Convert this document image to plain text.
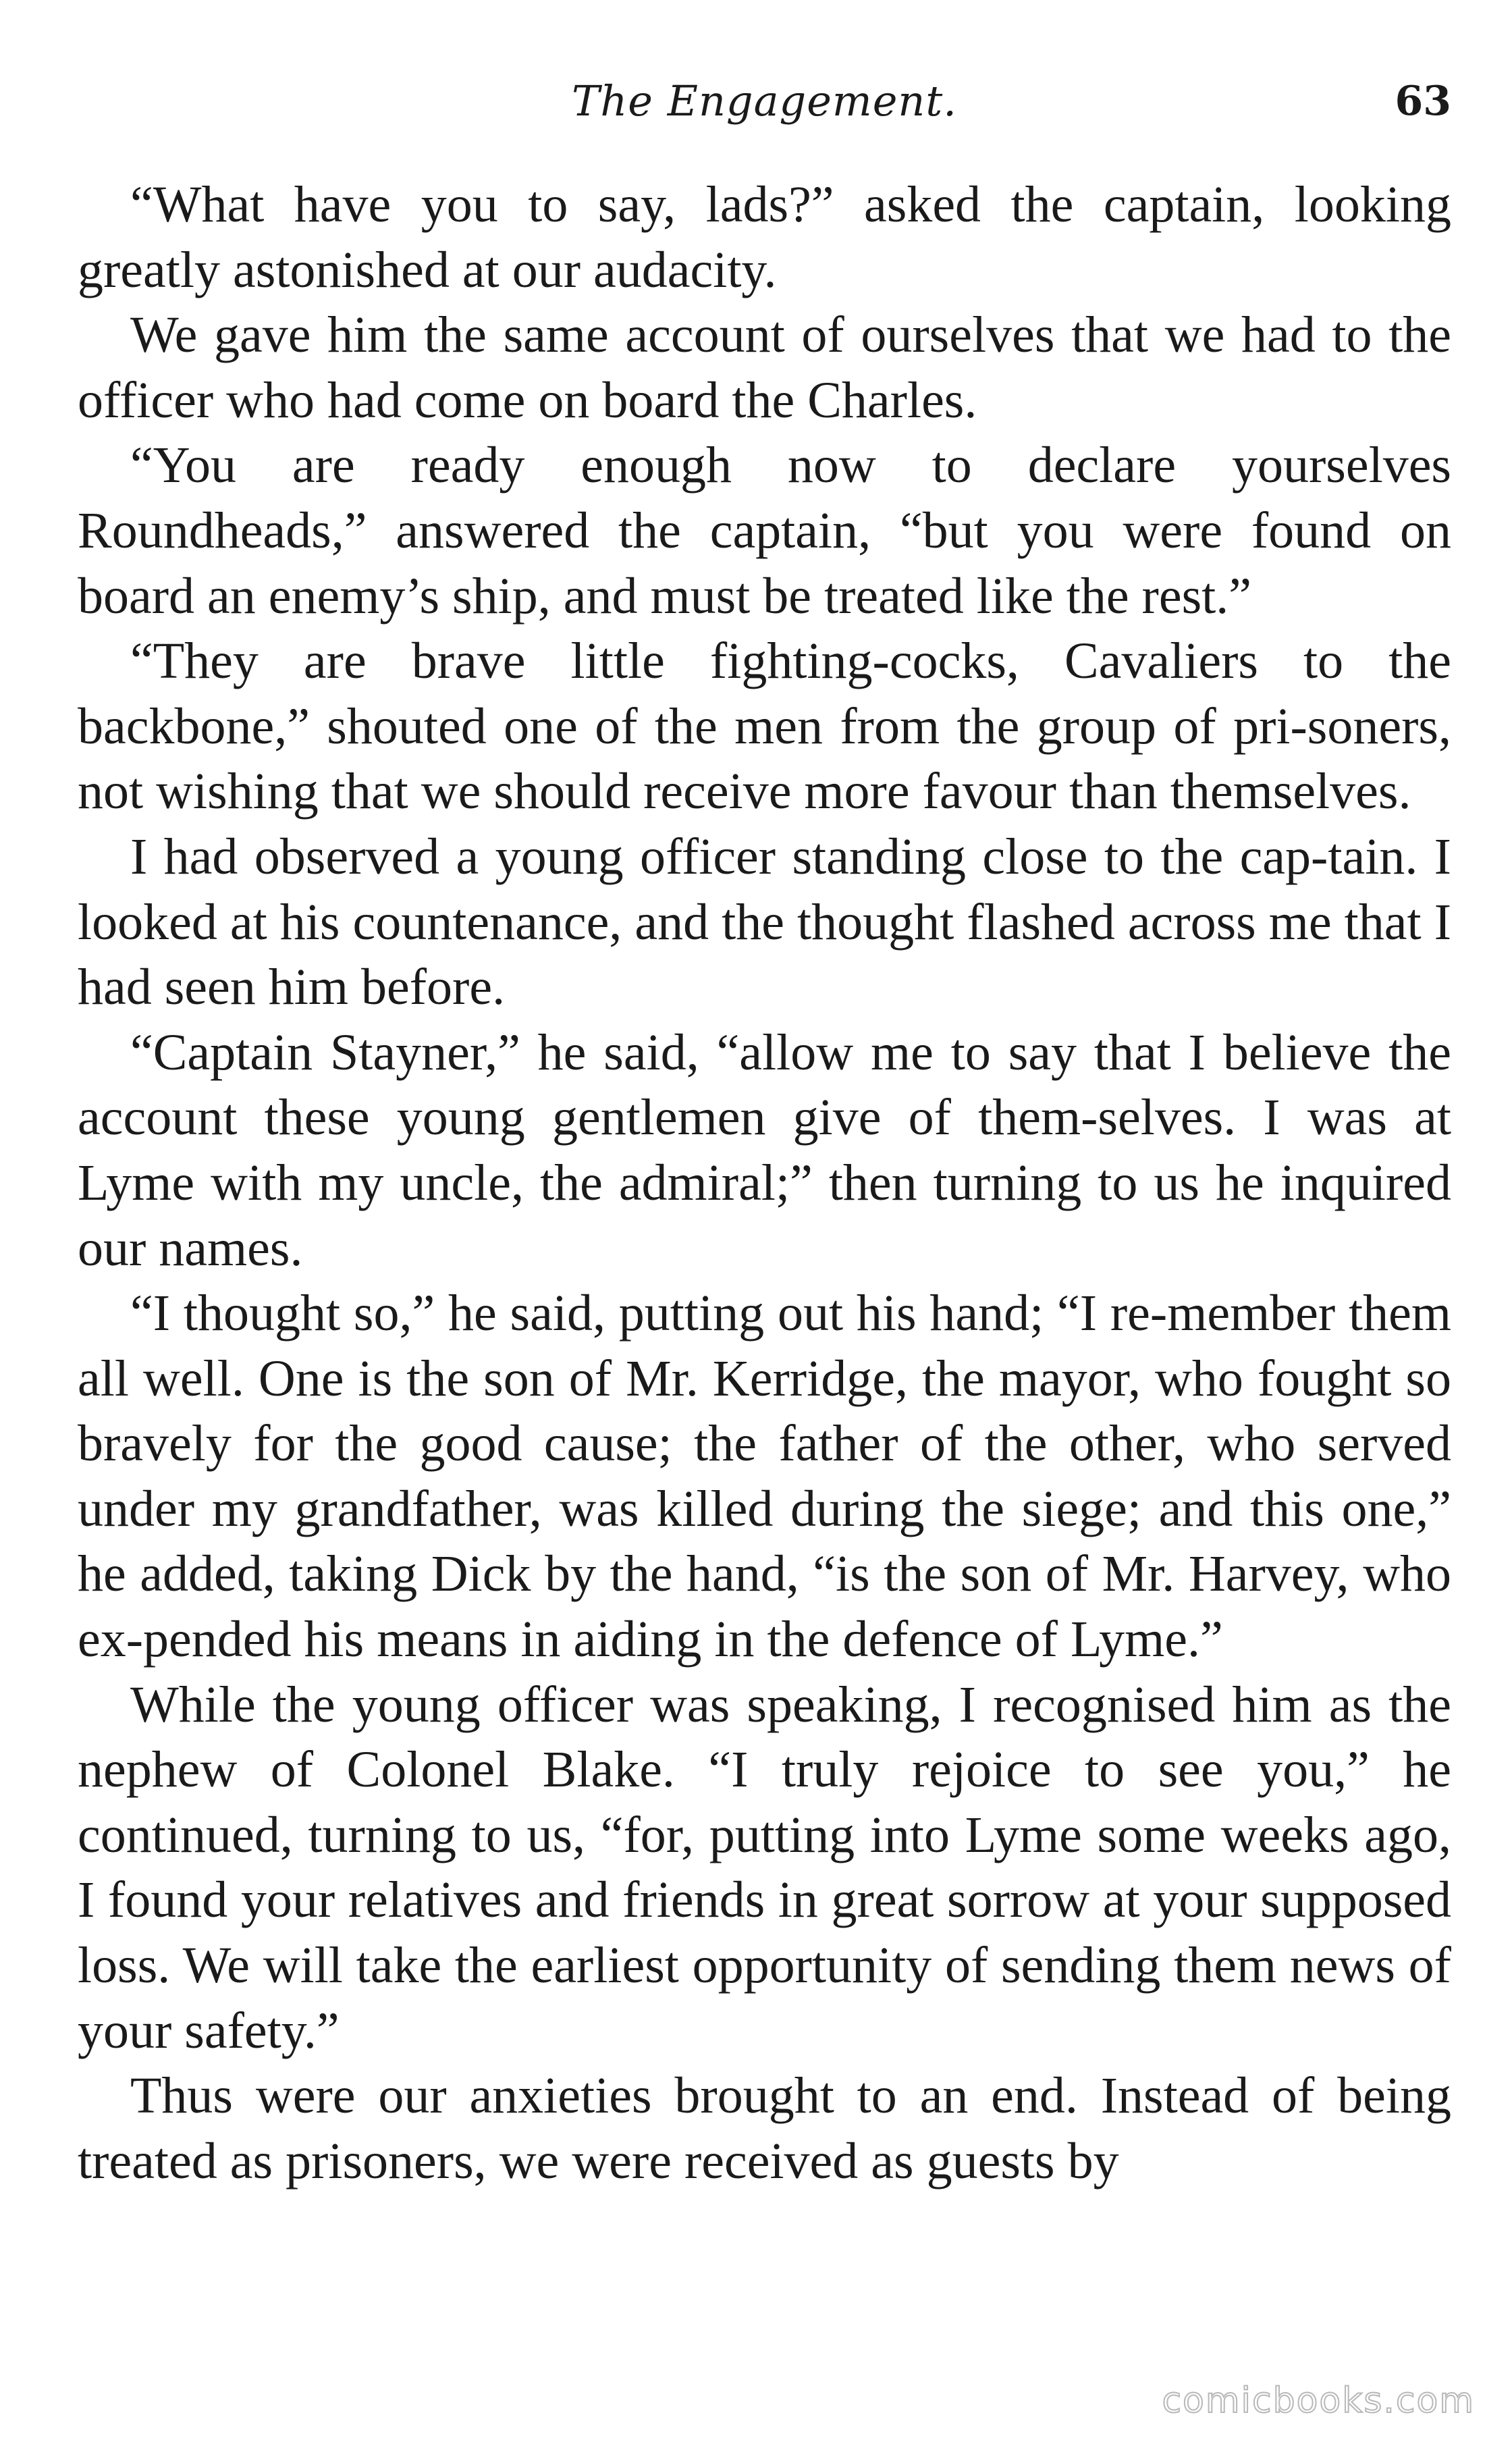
The Engagement.	63

“What have you to say, lads?” asked the captain, looking greatly astonished at our audacity.

We gave him the same account of ourselves that we had to the officer who had come on board the Charles.

“You are ready enough now to declare yourselves Roundheads,” answered the captain, “but you were found on board an enemy’s ship, and must be treated like the rest.”

“They are brave little fighting-cocks, Cavaliers to the backbone,” shouted one of the men from the group of pri-soners, not wishing that we should receive more favour than themselves.

I had observed a young officer standing close to the cap-tain. I looked at his countenance, and the thought flashed across me that I had seen him before.

“Captain Stayner,” he said, “allow me to say that I believe the account these young gentlemen give of them-selves. I was at Lyme with my uncle, the admiral;” then turning to us he inquired our names.

“I thought so,” he said, putting out his hand; “I re-member them all well. One is the son of Mr. Kerridge, the mayor, who fought so bravely for the good cause; the father of the other, who served under my grandfather, was killed during the siege; and this one,” he added, taking Dick by the hand, “is the son of Mr. Harvey, who ex-pended his means in aiding in the defence of Lyme.”

While the young officer was speaking, I recognised him as the nephew of Colonel Blake. “I truly rejoice to see you,” he continued, turning to us, “for, putting into Lyme some weeks ago, I found your relatives and friends in great sorrow at your supposed loss. We will take the earliest opportunity of sending them news of your safety.”

Thus were our anxieties brought to an end. Instead of being treated as prisoners, we were received as guests by

comicbooks.com
